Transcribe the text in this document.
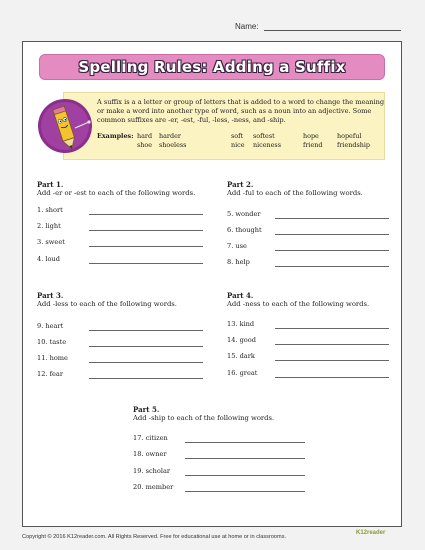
Name:
Spelling Rules: Adding a Suffix
A suffix is a a letter or group of letters that is added to a word to change the meaning or make a word into another type of word, such as a noun into an adjective. Some common suffixes are -er, -est, -ful, -less, -ness, and -ship.
Examples: hard harder
shoe shoeless
soft softest
nice niceness
hope	hopeful
friend friendship
Part 1.
Add -er or -est to each of the following words.
1. short
2. light
3. sweet
4. loud
Part 2.
Add -ful to each of the following words.
5. wonder
6. thought
7. use
8. help
Part 3.
Add -less to each of the following words.
9. heart
10. taste
11. home
12. fear
Part 4.
Add -ness to each of the following words.
13. kind
14. good
15. dark
16. great
Part 5.
Add -ship to each of the following words.
17. citizen
18. owner
19. scholar
20. member
Copyright © 2016 K12reader.com. All Rights Reserved. Free for educational use at home or in classrooms.
K12reader
